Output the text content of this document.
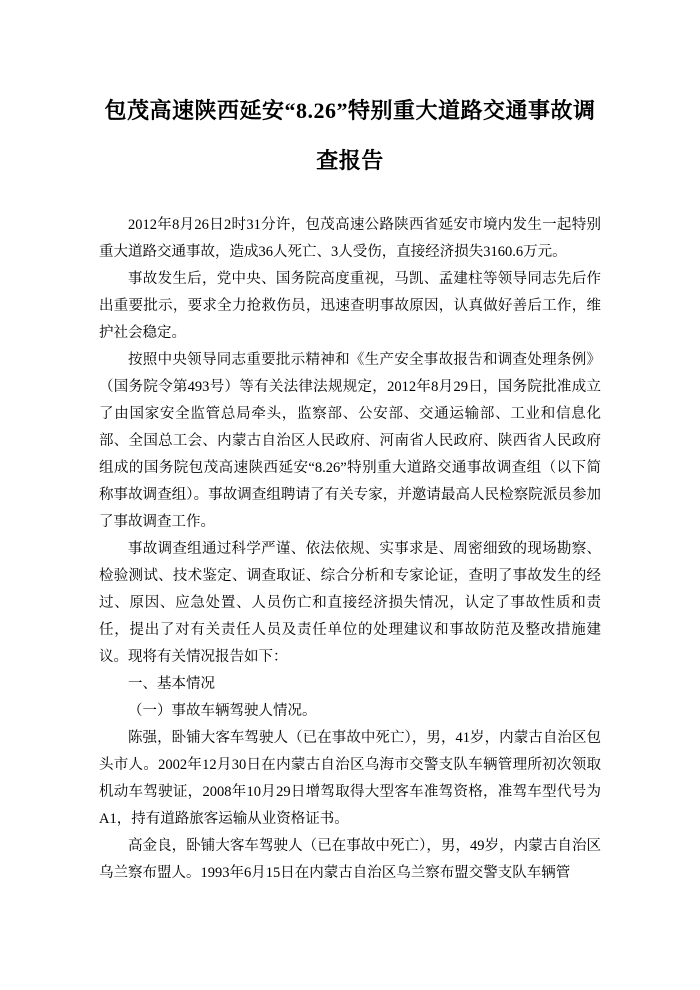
包茂高速陕西延安“8.26”特别重大道路交通事故调查报告

2012年8月26日2时31分许，包茂高速公路陕西省延安市境内发生一起特别重大道路交通事故，造成36人死亡、3人受伤，直接经济损失3160.6万元。

事故发生后，党中央、国务院高度重视，马凯、孟建柱等领导同志先后作出重要批示，要求全力抢救伤员，迅速查明事故原因，认真做好善后工作，维护社会稳定。

按照中央领导同志重要批示精神和《生产安全事故报告和调查处理条例》（国务院令第493号）等有关法律法规规定，2012年8月29日，国务院批准成立了由国家安全监管总局牵头，监察部、公安部、交通运输部、工业和信息化部、全国总工会、内蒙古自治区人民政府、河南省人民政府、陕西省人民政府组成的国务院包茂高速陕西延安“8.26”特别重大道路交通事故调查组（以下简称事故调查组）。事故调查组聘请了有关专家，并邀请最高人民检察院派员参加了事故调查工作。

事故调查组通过科学严谨、依法依规、实事求是、周密细致的现场勘察、检验测试、技术鉴定、调查取证、综合分析和专家论证，查明了事故发生的经过、原因、应急处置、人员伤亡和直接经济损失情况，认定了事故性质和责任，提出了对有关责任人员及责任单位的处理建议和事故防范及整改措施建议。现将有关情况报告如下：

一、基本情况

（一）事故车辆驾驶人情况。

陈强，卧铺大客车驾驶人（已在事故中死亡），男，41岁，内蒙古自治区包头市人。2002年12月30日在内蒙古自治区乌海市交警支队车辆管理所初次领取机动车驾驶证，2008年10月29日增驾取得大型客车准驾资格，准驾车型代号为A1，持有道路旅客运输从业资格证书。

高金良，卧铺大客车驾驶人（已在事故中死亡），男，49岁，内蒙古自治区乌兰察布盟人。1993年6月15日在内蒙古自治区乌兰察布盟交警支队车辆管
